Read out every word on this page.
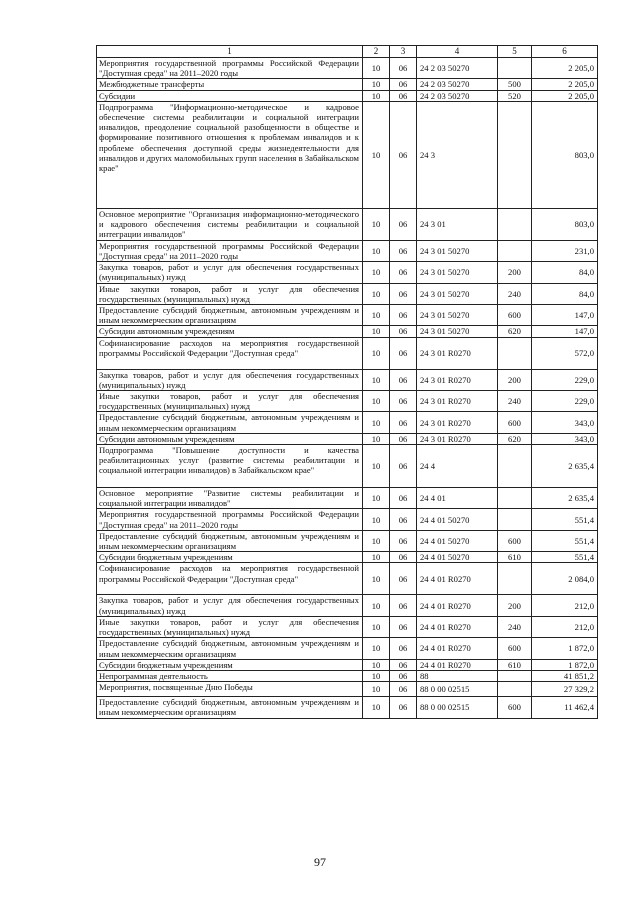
1	2	3	4	5	6
Мероприятия государственной программы Российской Федерации "Доступная среда" на 2011–2020 годы	10	06	24 2 03 50270		2 205,0
Межбюджетные трансферты	10	06	24 2 03 50270	500	2 205,0
Субсидии	10	06	24 2 03 50270	520	2 205,0
Подпрограмма "Информационно-методическое и кадровое обеспечение системы реабилитации и социальной интеграции инвалидов, преодоление социальной разобщенности в обществе и формирование позитивного отношения к проблемам инвалидов и к проблеме обеспечения доступной среды жизнедеятельности для инвалидов и других маломобильных групп населения в Забайкальском крае"	10	06	24 3		803,0
Основное мероприятие "Организация информационно-методического и кадрового обеспечения системы реабилитации и социальной интеграции инвалидов"	10	06	24 3 01		803,0
Мероприятия государственной программы Российской Федерации "Доступная среда" на 2011–2020 годы	10	06	24 3 01 50270		231,0
Закупка товаров, работ и услуг для обеспечения государственных (муниципальных) нужд	10	06	24 3 01 50270	200	84,0
Иные закупки товаров, работ и услуг для обеспечения государственных (муниципальных) нужд	10	06	24 3 01 50270	240	84,0
Предоставление субсидий бюджетным, автономным учреждениям и иным некоммерческим организациям	10	06	24 3 01 50270	600	147,0
Субсидии автономным учреждениям	10	06	24 3 01 50270	620	147,0
Софинансирование расходов на мероприятия государственной программы Российской Федерации "Доступная среда"	10	06	24 3 01 R0270		572,0
Закупка товаров, работ и услуг для обеспечения государственных (муниципальных) нужд	10	06	24 3 01 R0270	200	229,0
Иные закупки товаров, работ и услуг для обеспечения государственных (муниципальных) нужд	10	06	24 3 01 R0270	240	229,0
Предоставление субсидий бюджетным, автономным учреждениям и иным некоммерческим организациям	10	06	24 3 01 R0270	600	343,0
Субсидии автономным учреждениям	10	06	24 3 01 R0270	620	343,0
Подпрограмма "Повышение доступности и качества реабилитационных услуг (развитие системы реабилитации и социальной интеграции инвалидов) в Забайкальском крае"	10	06	24 4		2 635,4
Основное мероприятие "Развитие системы реабилитации и социальной интеграции инвалидов"	10	06	24 4 01		2 635,4
Мероприятия государственной программы Российской Федерации "Доступная среда" на 2011–2020 годы	10	06	24 4 01 50270		551,4
Предоставление субсидий бюджетным, автономным учреждениям и иным некоммерческим организациям	10	06	24 4 01 50270	600	551,4
Субсидии бюджетным учреждениям	10	06	24 4 01 50270	610	551,4
Софинансирование расходов на мероприятия государственной программы Российской Федерации "Доступная среда"	10	06	24 4 01 R0270		2 084,0
Закупка товаров, работ и услуг для обеспечения государственных (муниципальных) нужд	10	06	24 4 01 R0270	200	212,0
Иные закупки товаров, работ и услуг для обеспечения государственных (муниципальных) нужд	10	06	24 4 01 R0270	240	212,0
Предоставление субсидий бюджетным, автономным учреждениям и иным некоммерческим организациям	10	06	24 4 01 R0270	600	1 872,0
Субсидии бюджетным учреждениям	10	06	24 4 01 R0270	610	1 872,0
Непрограммная деятельность	10	06	88		41 851,2
Мероприятия, посвященные Дню Победы	10	06	88 0 00 02515		27 329,2
Предоставление субсидий бюджетным, автономным учреждениям и иным некоммерческим организациям	10	06	88 0 00 02515	600	11 462,4
97
